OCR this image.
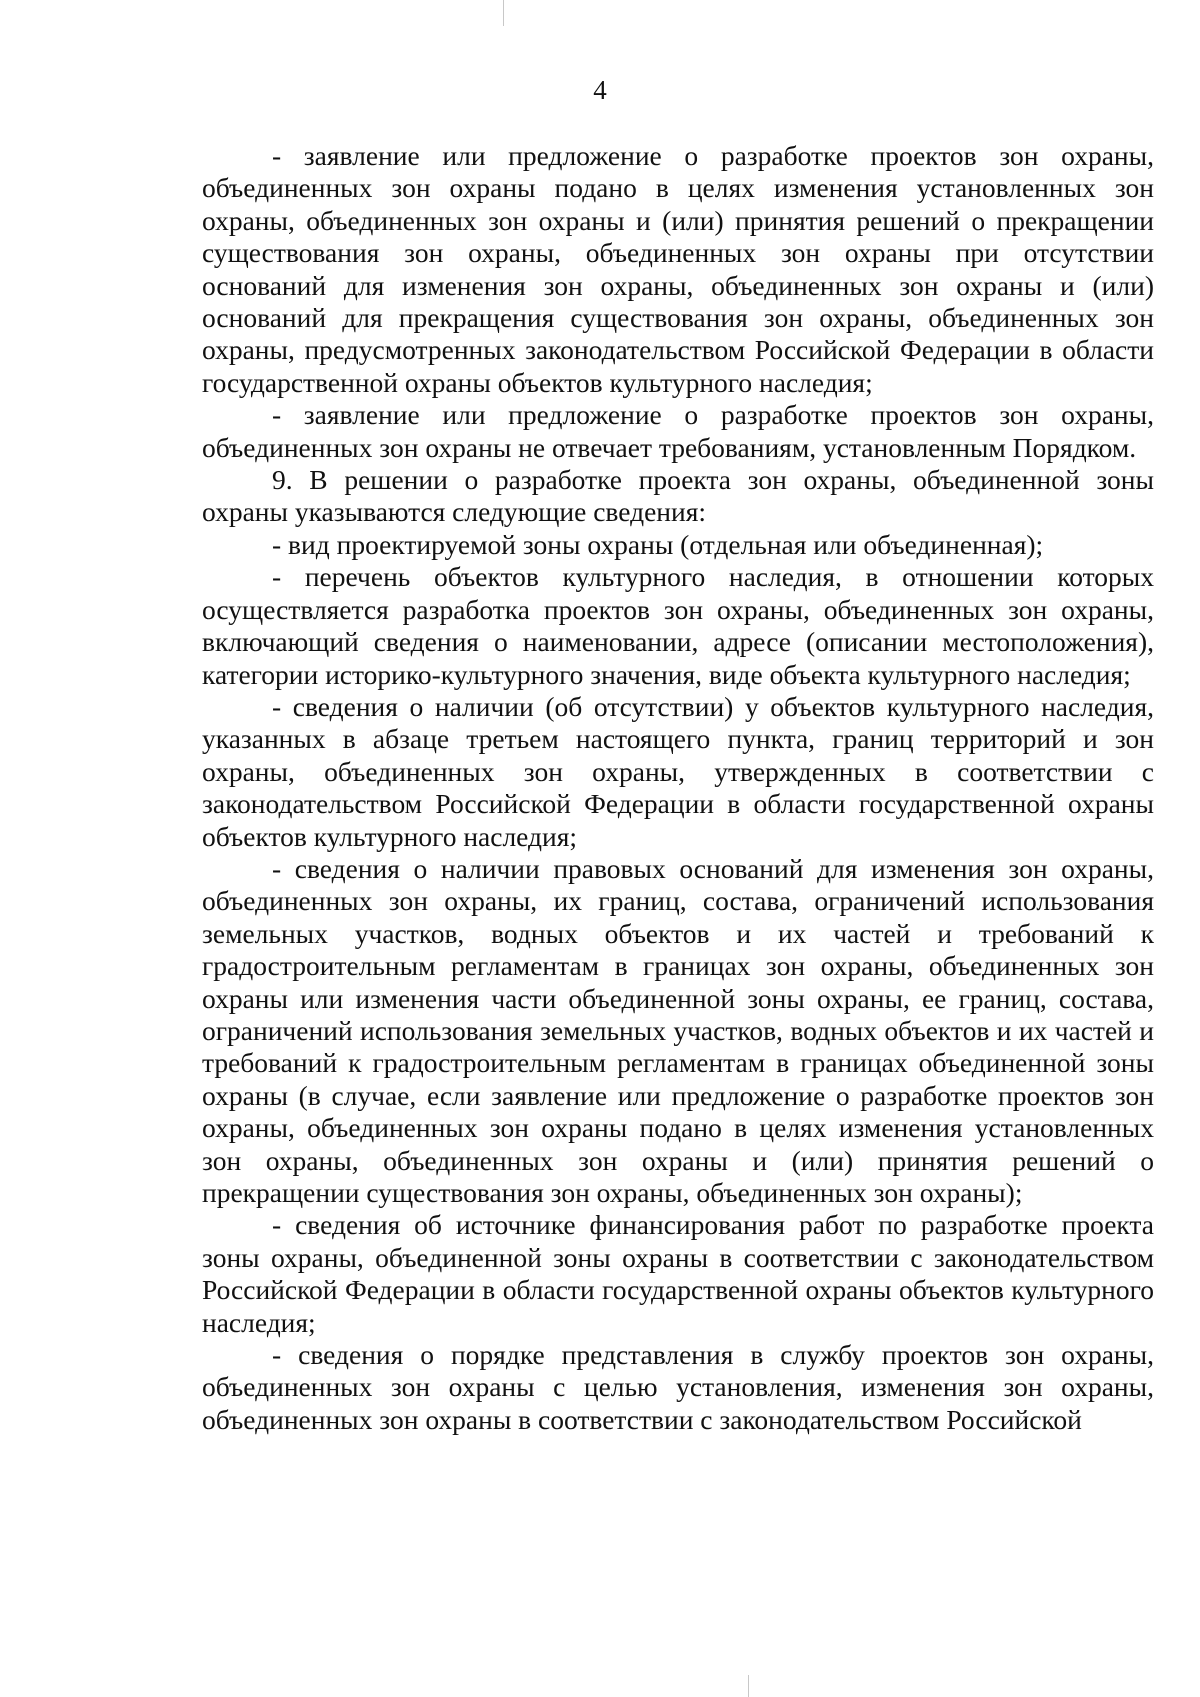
4

- заявление или предложение о разработке проектов зон охраны, объединенных зон охраны подано в целях изменения установленных зон охраны, объединенных зон охраны и (или) принятия решений о прекращении существования зон охраны, объединенных зон охраны при отсутствии оснований для изменения зон охраны, объединенных зон охраны и (или) оснований для прекращения существования зон охраны, объединенных зон охраны, предусмотренных законодательством Российской Федерации в области государственной охраны объектов культурного наследия;

- заявление или предложение о разработке проектов зон охраны, объединенных зон охраны не отвечает требованиям, установленным Порядком.

9. В решении о разработке проекта зон охраны, объединенной зоны охраны указываются следующие сведения:

- вид проектируемой зоны охраны (отдельная или объединенная);

- перечень объектов культурного наследия, в отношении которых осуществляется разработка проектов зон охраны, объединенных зон охраны, включающий сведения о наименовании, адресе (описании местоположения), категории историко-культурного значения, виде объекта культурного наследия;

- сведения о наличии (об отсутствии) у объектов культурного наследия, указанных в абзаце третьем настоящего пункта, границ территорий и зон охраны, объединенных зон охраны, утвержденных в соответствии с законодательством Российской Федерации в области государственной охраны объектов культурного наследия;

- сведения о наличии правовых оснований для изменения зон охраны, объединенных зон охраны, их границ, состава, ограничений использования земельных участков, водных объектов и их частей и требований к градостроительным регламентам в границах зон охраны, объединенных зон охраны или изменения части объединенной зоны охраны, ее границ, состава, ограничений использования земельных участков, водных объектов и их частей и требований к градостроительным регламентам в границах объединенной зоны охраны (в случае, если заявление или предложение о разработке проектов зон охраны, объединенных зон охраны подано в целях изменения установленных зон охраны, объединенных зон охраны и (или) принятия решений о прекращении существования зон охраны, объединенных зон охраны);

- сведения об источнике финансирования работ по разработке проекта зоны охраны, объединенной зоны охраны в соответствии с законодательством Российской Федерации в области государственной охраны объектов культурного наследия;

- сведения о порядке представления в службу проектов зон охраны, объединенных зон охраны с целью установления, изменения зон охраны, объединенных зон охраны в соответствии с законодательством Российской
